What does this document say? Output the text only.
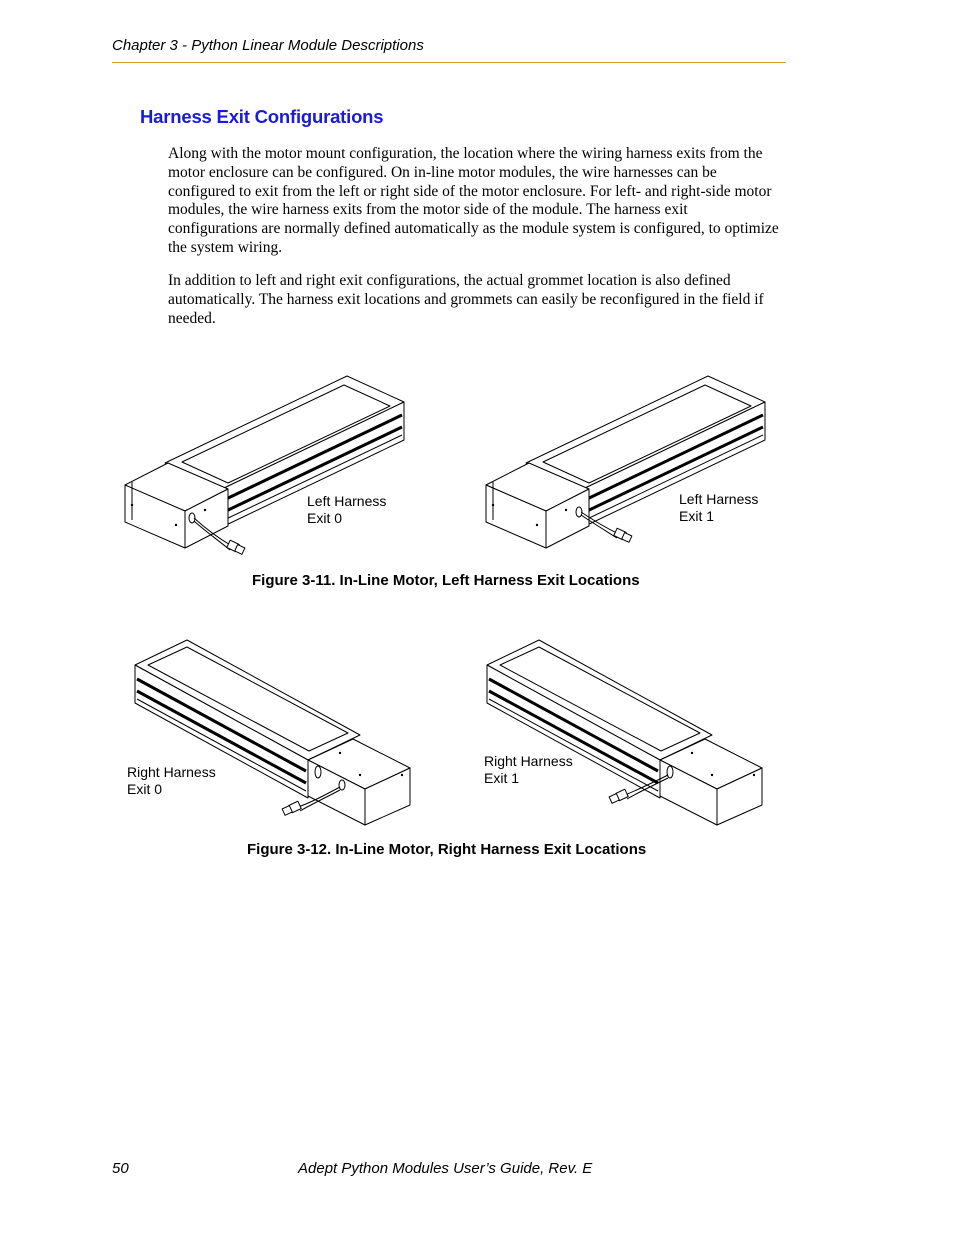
Chapter 3 - Python Linear Module Descriptions
Harness Exit Configurations

Along with the motor mount configuration, the location where the wiring harness exits from the motor enclosure can be configured. On in-line motor modules, the wire harnesses can be configured to exit from the left or right side of the motor enclosure. For left- and right-side motor modules, the wire harness exits from the motor side of the module. The harness exit configurations are normally defined automatically as the module system is configured, to optimize the system wiring.

In addition to left and right exit configurations, the actual grommet location is also defined automatically. The harness exit locations and grommets can easily be reconfigured in the field if needed.

Left Harness
Exit 0
Left Harness
Exit 1
Figure 3-11. In-Line Motor, Left Harness Exit Locations
Right Harness
Exit 0
Right Harness
Exit 1
Figure 3-12. In-Line Motor, Right Harness Exit Locations
50	Adept Python Modules User’s Guide, Rev. E
